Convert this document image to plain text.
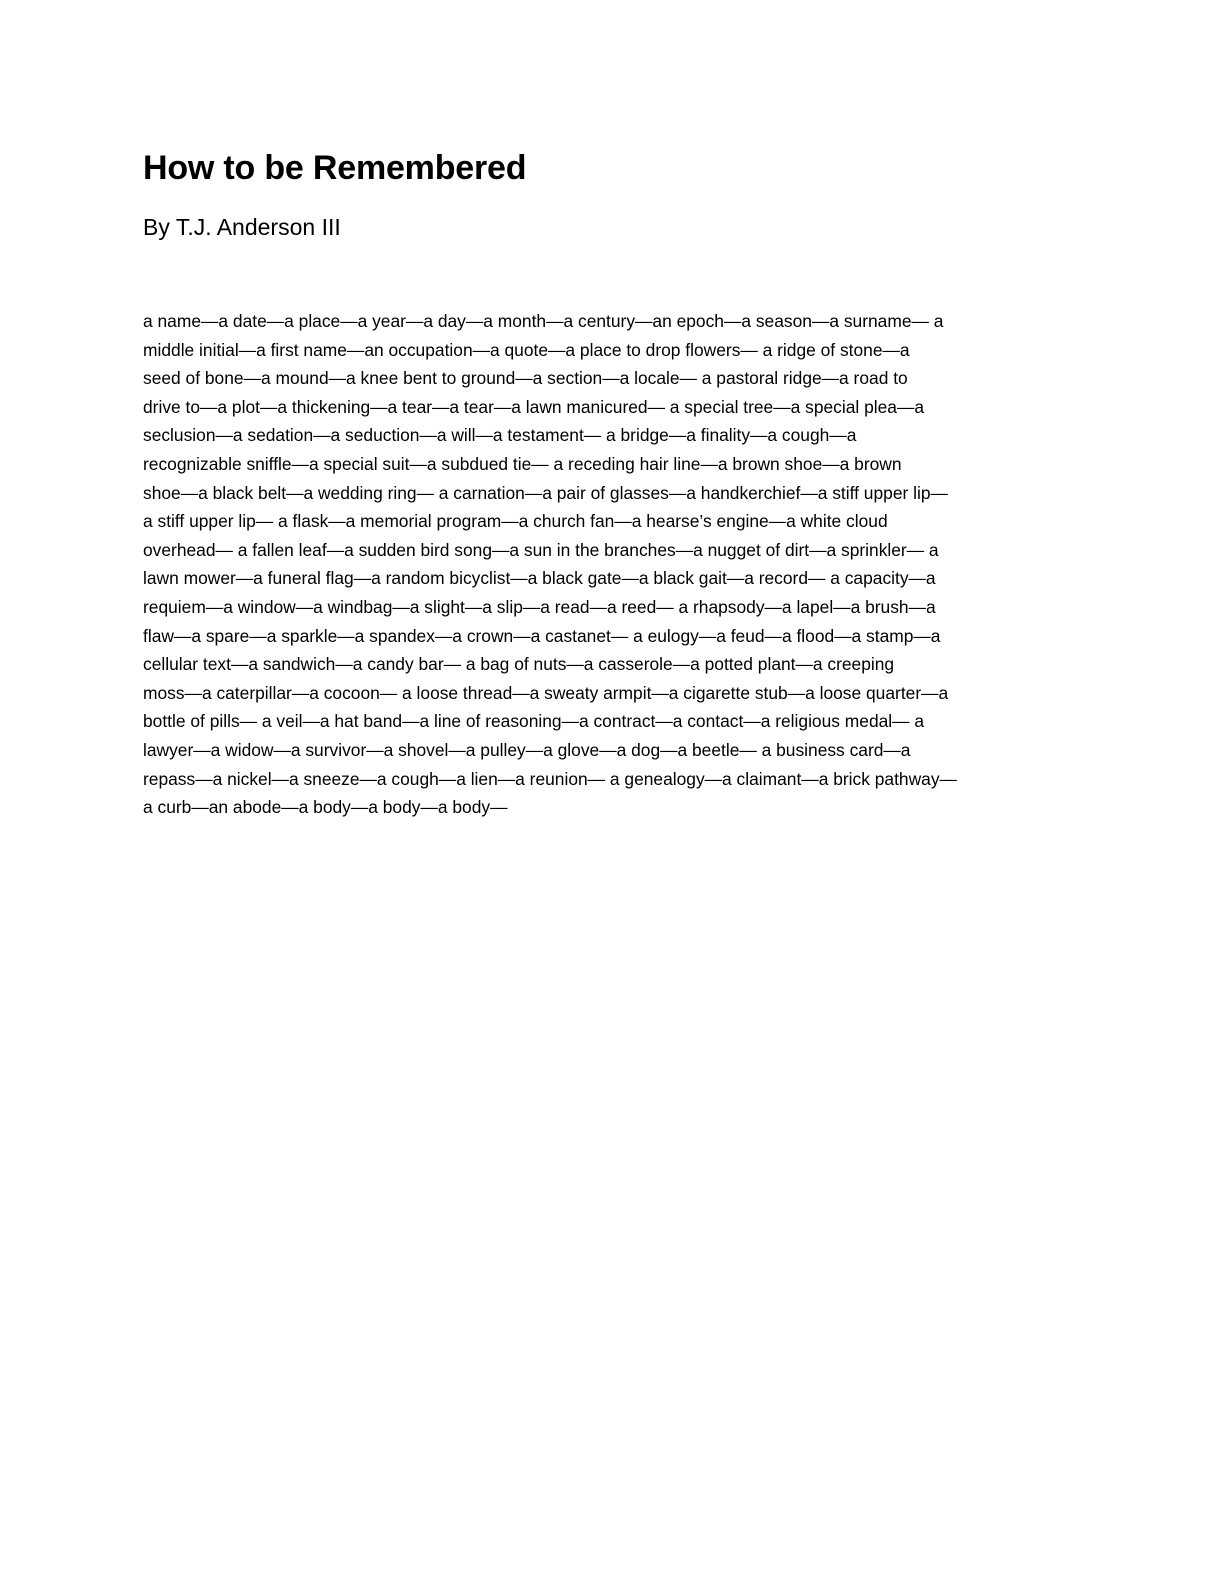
How to be Remembered

By T.J. Anderson III

a name—a date—a place—a year—a day—a month—a century—an epoch—a season—a surname— a
middle initial—a first name—an occupation—a quote—a place to drop flowers— a ridge of stone—a
seed of bone—a mound—a knee bent to ground—a section—a locale— a pastoral ridge—a road to
drive to—a plot—a thickening—a tear—a tear—a lawn manicured— a special tree—a special plea—a
seclusion—a sedation—a seduction—a will—a testament— a bridge—a finality—a cough—a
recognizable sniffle—a special suit—a subdued tie— a receding hair line—a brown shoe—a brown
shoe—a black belt—a wedding ring— a carnation—a pair of glasses—a handkerchief—a stiff upper lip—
a stiff upper lip— a flask—a memorial program—a church fan—a hearse’s engine—a white cloud
overhead— a fallen leaf—a sudden bird song—a sun in the branches—a nugget of dirt—a sprinkler— a
lawn mower—a funeral flag—a random bicyclist—a black gate—a black gait—a record— a capacity—a
requiem—a window—a windbag—a slight—a slip—a read—a reed— a rhapsody—a lapel—a brush—a
flaw—a spare—a sparkle—a spandex—a crown—a castanet— a eulogy—a feud—a flood—a stamp—a
cellular text—a sandwich—a candy bar— a bag of nuts—a casserole—a potted plant—a creeping
moss—a caterpillar—a cocoon— a loose thread—a sweaty armpit—a cigarette stub—a loose quarter—a
bottle of pills— a veil—a hat band—a line of reasoning—a contract—a contact—a religious medal— a
lawyer—a widow—a survivor—a shovel—a pulley—a glove—a dog—a beetle— a business card—a
repass—a nickel—a sneeze—a cough—a lien—a reunion— a genealogy—a claimant—a brick pathway—
a curb—an abode—a body—a body—a body—
